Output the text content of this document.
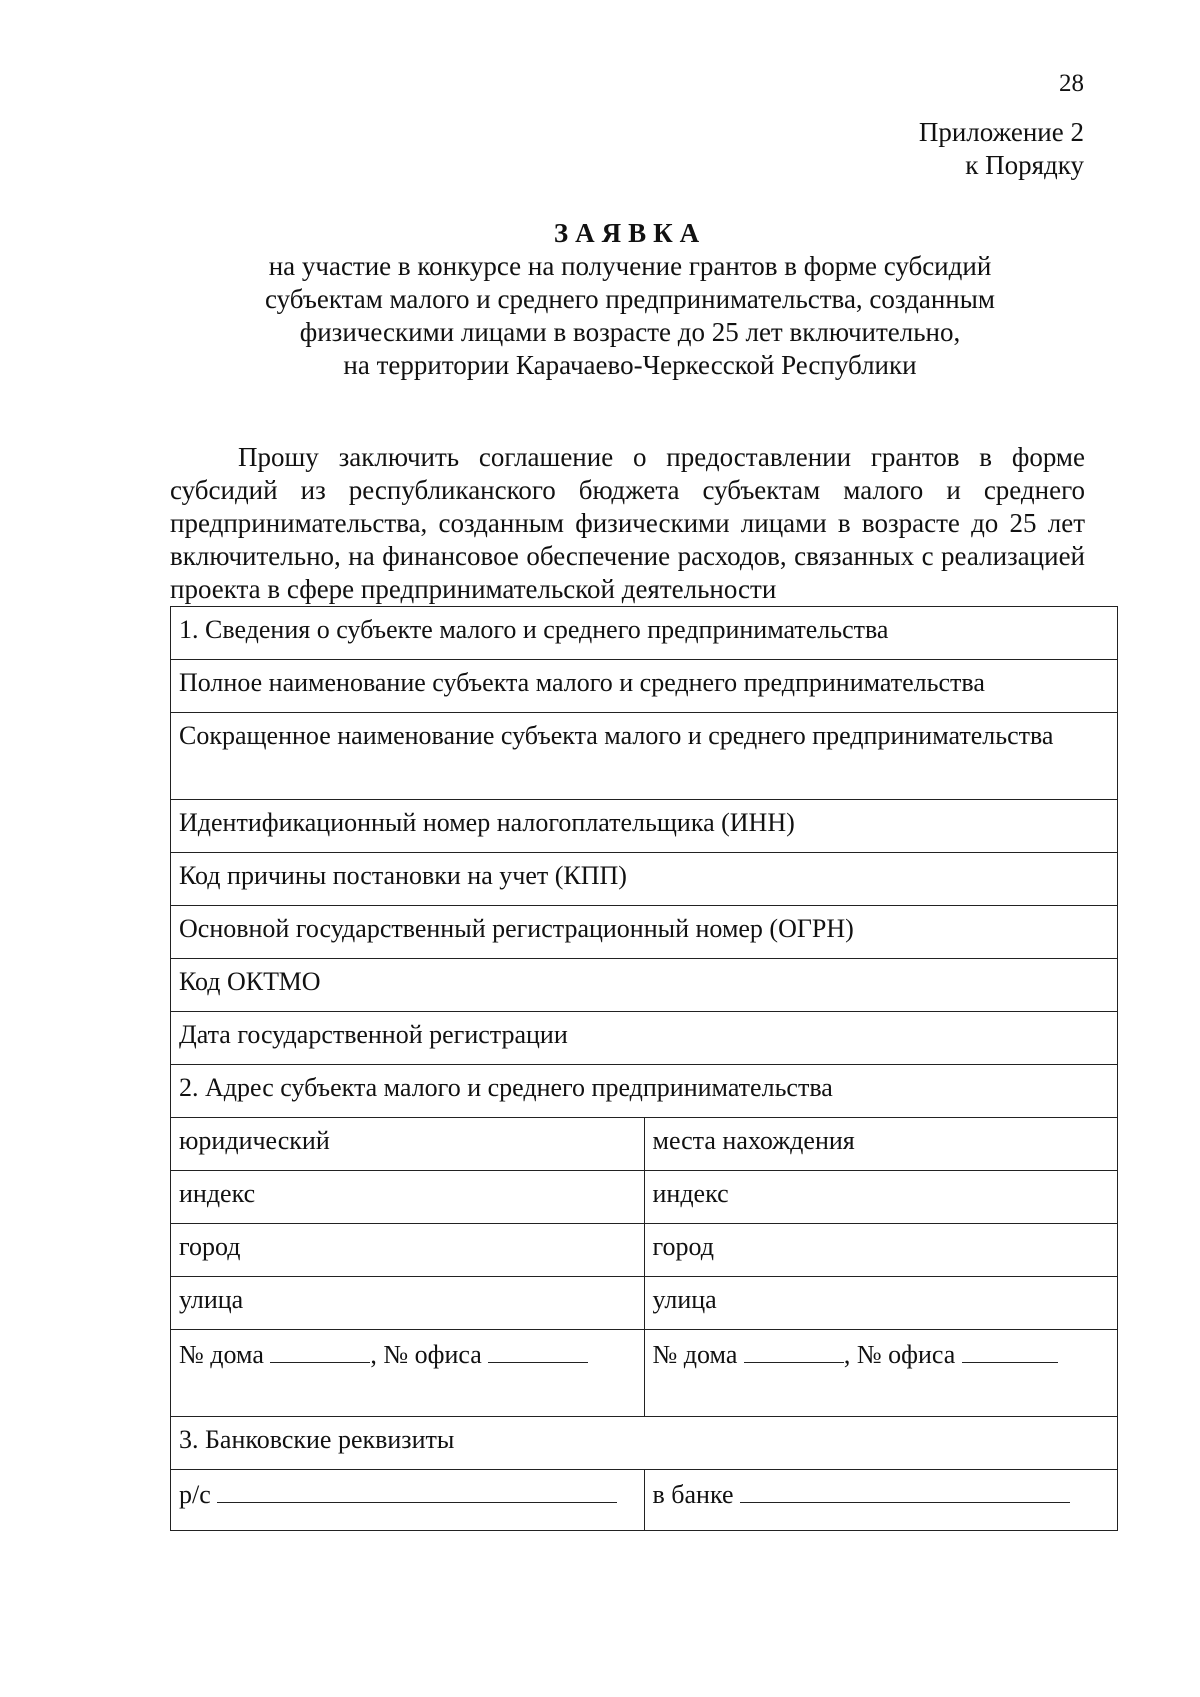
28
Приложение 2
к Порядку
ЗАЯВКА
на участие в конкурсе на получение грантов в форме субсидий
субъектам малого и среднего предпринимательства, созданным
физическими лицами в возрасте до 25 лет включительно,
на территории Карачаево-Черкесской Республики

Прошу заключить соглашение о предоставлении грантов в форме субсидий из республиканского бюджета субъектам малого и среднего предпринимательства, созданным физическими лицами в возрасте до 25 лет включительно, на финансовое обеспечение расходов, связанных с реализацией проекта в сфере предпринимательской деятельности

1. Сведения о субъекте малого и среднего предпринимательства	
Полное наименование субъекта малого и среднего предпринимательства	
Сокращенное наименование субъекта малого и среднего предпринимательства	
Идентификационный номер налогоплательщика (ИНН)	
Код причины постановки на учет (КПП)	
Основной государственный регистрационный номер (ОГРН)	
Код ОКТМО	
Дата государственной регистрации	
2. Адрес субъекта малого и среднего предпринимательства	
юридический	места нахождения
индекс	индекс
город	город
улица	улица
№ дома , № офиса	№ дома , № офиса
3. Банковские реквизиты	
р/с	в банке
